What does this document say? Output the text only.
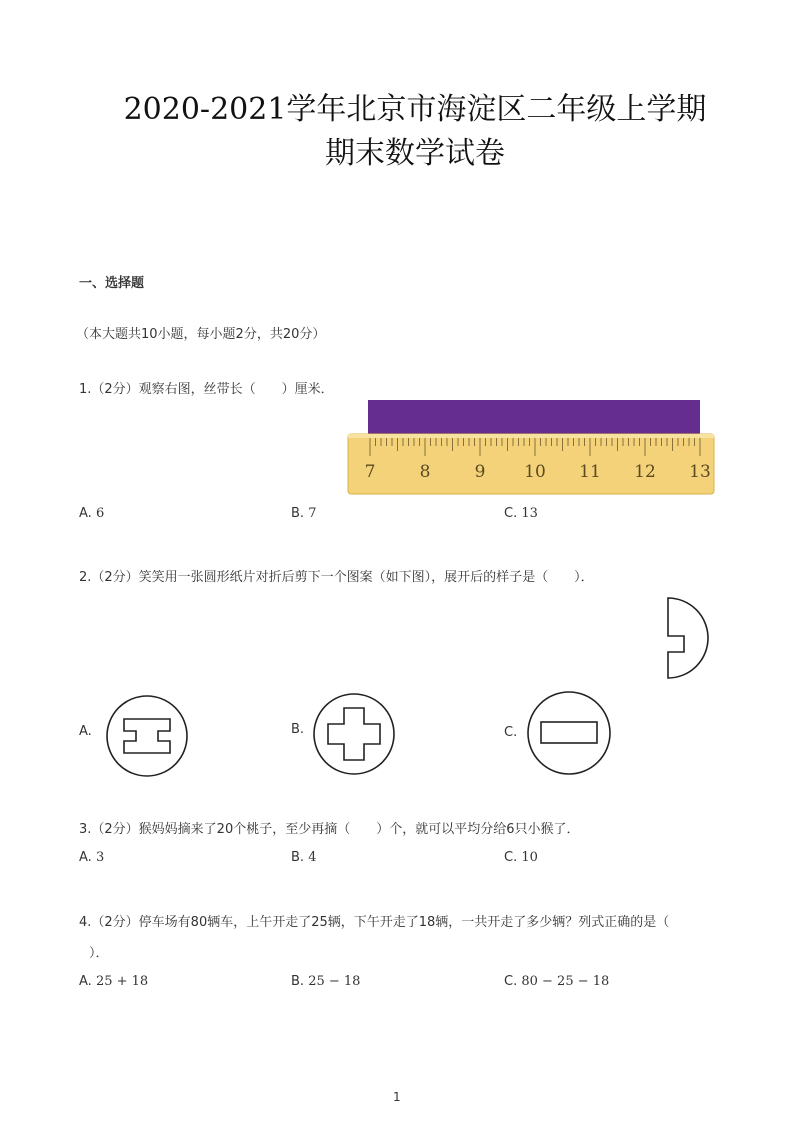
2020-2021学年北京市海淀区二年级上学期
期末数学试卷
一、选择题
（本大题共10小题，每小题2分，共20分）
1.（2分）观察右图，丝带长（　　）厘米．
7	8	9 10 11 12 13
A. 6	B. 7	C. 13
2.（2分）笑笑用一张圆形纸片对折后剪下一个图案（如下图），展开后的样子是（　　）．
A.	B.	C.
3.（2分）猴妈妈摘来了20个桃子，至少再摘（　　）个，就可以平均分给6只小猴了．
A. 3	B. 4	C. 10
4.（2分）停车场有80辆车，上午开走了25辆，下午开走了18辆，一共开走了多少辆？列式正确的是（
）．
A. 25 + 18	B. 25 − 18	C. 80 − 25 − 18
1
